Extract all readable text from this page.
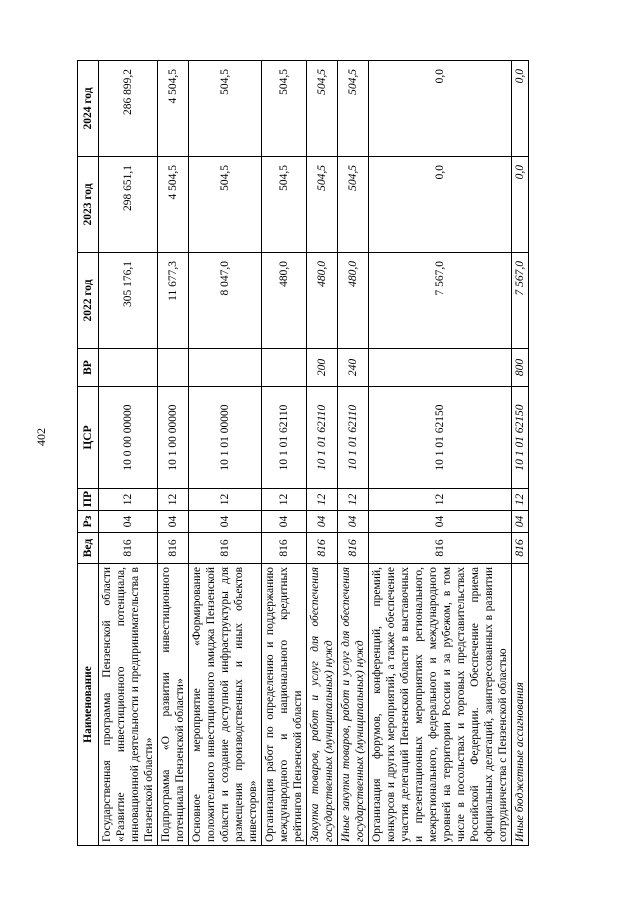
402
Наименование	Вед	Рз	ПР	ЦСР	ВР	2022 год	2023 год	2024 год
Государственная программа Пензенской области «Развитие инвестиционного потенциала, инновационной деятельности и предпринимательства в Пензенской области»	816	04	12	10 0 00 00000		305 176,1	298 651,1	286 899,2
Подпрограмма «О развитии инвестиционного потенциала Пензенской области»	816	04	12	10 1 00 00000		11 677,3	4 504,5	4 504,5
Основное мероприятие «Формирование положительного инвестиционного имиджа Пензенской области и создание доступной инфраструктуры для размещения производственных и иных объектов инвесторов»	816	04	12	10 1 01 00000		8 047,0	504,5	504,5
Организация работ по определению и поддержанию международного и национального кредитных рейтингов Пензенской области	816	04	12	10 1 01 62110		480,0	504,5	504,5
Закупка товаров, работ и услуг для обеспечения государственных (муниципальных) нужд	816	04	12	10 1 01 62110	200	480,0	504,5	504,5
Иные закупки товаров, работ и услуг для обеспечения государственных (муниципальных) нужд	816	04	12	10 1 01 62110	240	480,0	504,5	504,5
Организация форумов, конференций, премий, конкурсов и других мероприятий, а также обеспечение участия делегаций Пензенской области в выставочных и презентационных мероприятиях регионального, межрегионального, федерального и международного уровней на территории России и за рубежом, в том числе в посольствах и торговых представительствах Российской Федерации. Обеспечение приема официальных делегаций, заинтересованных в развитии сотрудничества с Пензенской областью	816	04	12	10 1 01 62150		7 567,0	0,0	0,0
Иные бюджетные ассигнования	816	04	12	10 1 01 62150	800	7 567,0	0,0	0,0
